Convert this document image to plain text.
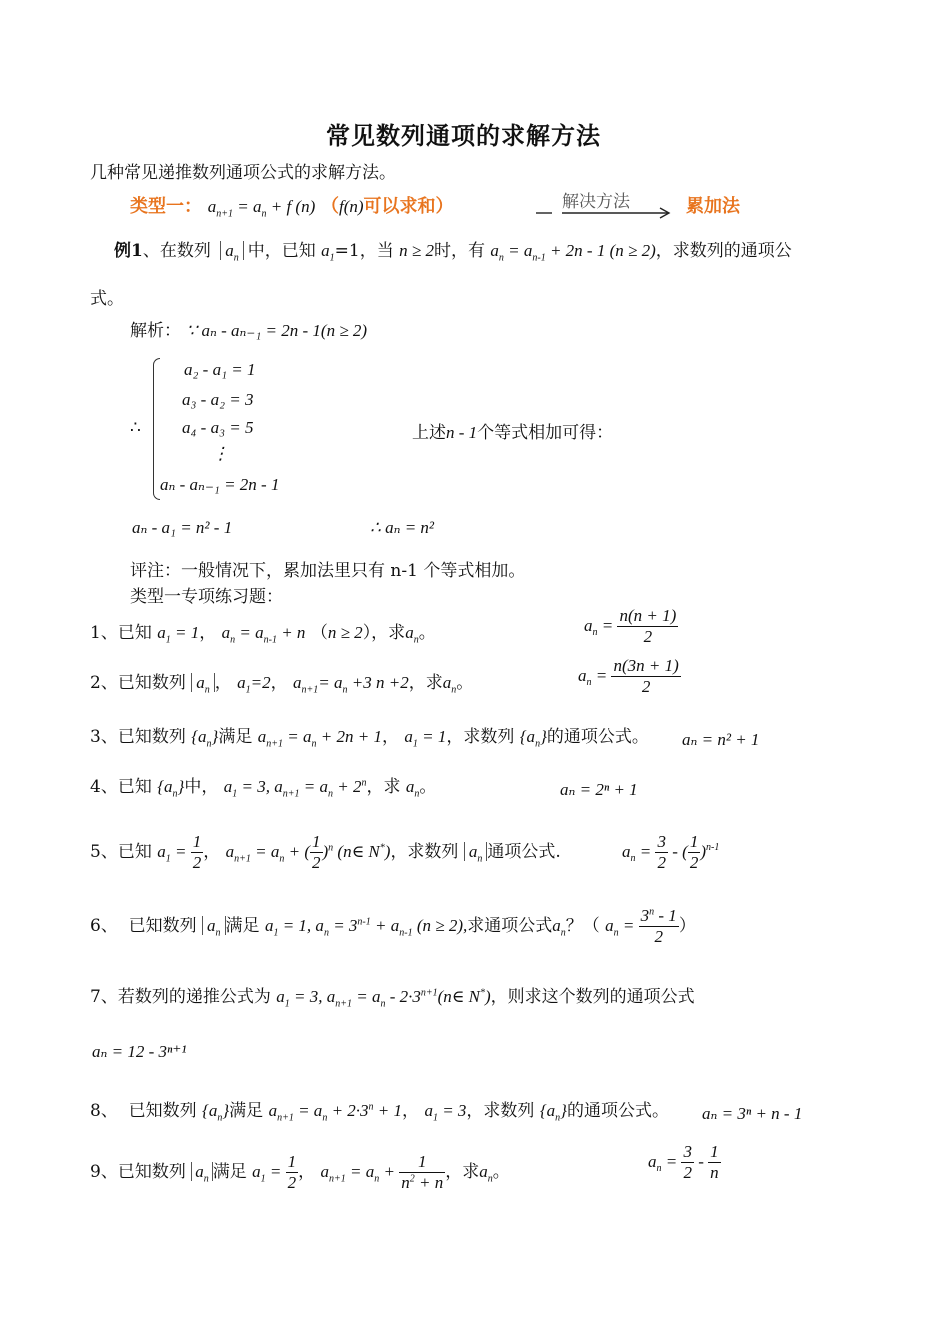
常见数列通项的求解方法
几种常见递推数列通项公式的求解方法。
类型一： $a_{n+1} = a_n + f$ (n) （f(n)可以求和）	解决方法	累加法
例1、在数列 $a_n$ 中，已知 $a_1=1$，当 n ≥ 2时，有 $a_n = a_{n-1} + 2n - 1$ (n ≥ 2)，求数列的通项公
式。
解析： ∵ aₙ - aₙ₋₁ = 2n - 1(n ≥ 2)
∴
a₂ - a₁ = 1
a₃ - a₂ = 3
a₄ - a₃ = 5
⋮
aₙ - aₙ₋₁ = 2n - 1
上述n - 1个等式相加可得：
aₙ - a₁ = n² - 1	∴ aₙ = n²
评注：一般情况下，累加法里只有 n-1 个等式相加。
类型一专项练习题：
1、已知 $a_1 = 1$， $a_n = a_{n-1} + n$ （n ≥ 2），求$a_n$。	$a_n = \frac{n(n + 1)}{2}$
2、已知数列 $a_n$ ， $a_1=2$， $a_{n+1}= a_n +3$ n +2，求$a_n$。	$a_n = \frac{n(3n + 1)}{2}$
3、已知数列 $\{a_n\}$满足 $a_{n+1} = a_n + 2n + 1$， $a_1 = 1$，求数列 $\{a_n\}$的通项公式。 aₙ = n² + 1
4、已知 $\{a_n\}$中， $a_1 = 3$, $a_{n+1} = a_n + 2^n$，求 $a_n$。	aₙ = 2ⁿ + 1
5、已知 $a_1 = \frac{1}{2}$ ， $a_{n+1} = a_n$ + ( $\frac{1}{2} )^n$ (n∈ N*)，求数列 $a_n$ 通项公式.	$a_n = \frac{3}{2}$ - ( $\frac{1}{2} )^{n-1}$
6、 已知数列 $a_n$ 满足 $a_1 = 1$, $a_n = 3^{n-1} + a_{n-1}$ (n ≥ 2),求通项公式$a_n$？（ $a_n = \frac{3^n - 1}{2}$ ）
7、若数列的递推公式为 $a_1 = 3$, $a_{n+1} = a_n$ - $2\cdot 3^{n+1}(n\in$ N*)，则求这个数列的通项公式
aₙ = 12 - 3ⁿ⁺¹
8、 已知数列 $\{a_n\}$满足 $a_{n+1} = a_n + 2\cdot 3^n + 1$， $a_1 = 3$，求数列 $\{a_n\}$的通项公式。 aₙ = 3ⁿ + n - 1
9、已知数列 $a_n$ 满足 $a_1 = \frac{1}{2}$ ， $a_{n+1} = a_n + \frac{1}{n^2 + n}$ ，求$a_n$。
$a_n = \frac{3}{2} - \frac{1}{n}$
